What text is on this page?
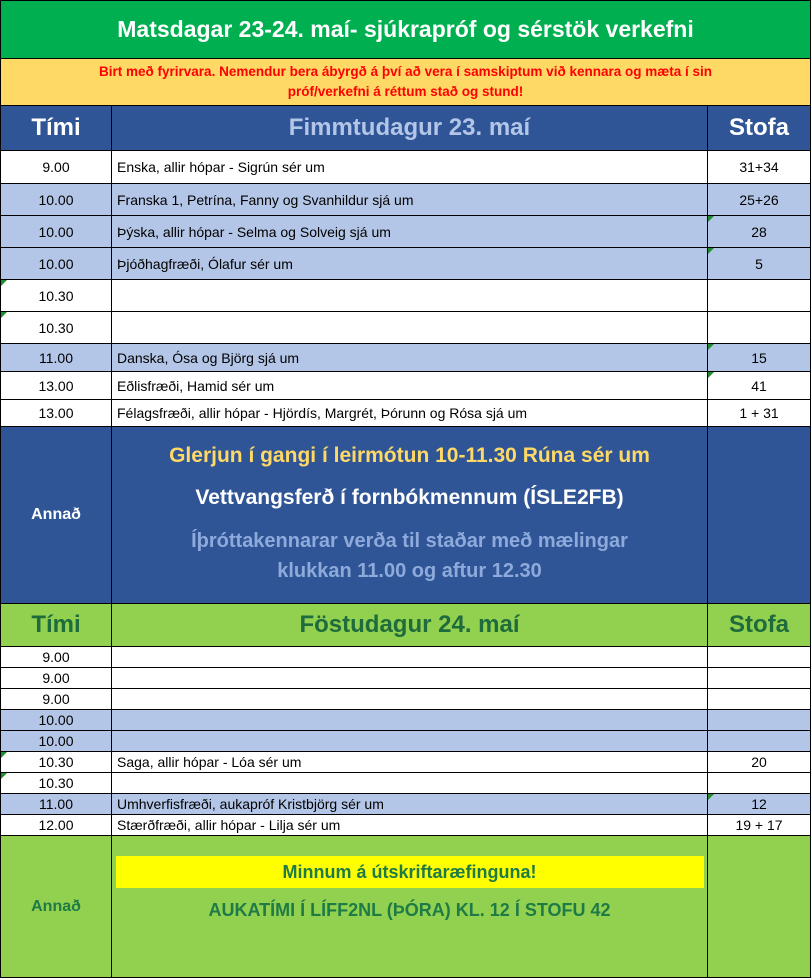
Matsdagar 23-24. maí- sjúkrapróf og sérstök verkefni
Birt með fyrirvara. Nemendur bera ábyrgð á því að vera í samskiptum við kennara og mæta í sin
próf/verkefni á réttum stað og stund!
Tími	Fimmtudagur 23. maí	Stofa
9.00	Enska, allir hópar - Sigrún sér um	31+34
10.00	Franska 1, Petrína, Fanny og Svanhildur sjá um	25+26
10.00	Þýska, allir hópar - Selma og Solveig sjá um	28
10.00	Þjóðhagfræði, Ólafur sér um	5
10.30
10.30
11.00	Danska, Ósa og Björg sjá um	15
13.00	Eðlisfræði, Hamid sér um	41
13.00	Félagsfræði, allir hópar - Hjördís, Margrét, Þórunn og Rósa sjá um	1 + 31
Annað
Glerjun í gangi í leirmótun 10-11.30 Rúna sér um
Vettvangsferð í fornbókmennum (ÍSLE2FB)
Íþróttakennarar verða til staðar með mælingar
klukkan 11.00 og aftur 12.30
Tími	Föstudagur 24. maí	Stofa
9.00
9.00
9.00
10.00
10.00
10.30	Saga, allir hópar - Lóa sér um	20
10.30
11.00	Umhverfisfræði, aukapróf Kristbjörg sér um	12
12.00	Stærðfræði, allir hópar - Lilja sér um	19 + 17
Annað
Minnum á útskriftaræfinguna!
AUKATÍMI Í LÍFF2NL (ÞÓRA) KL. 12 Í STOFU 42
